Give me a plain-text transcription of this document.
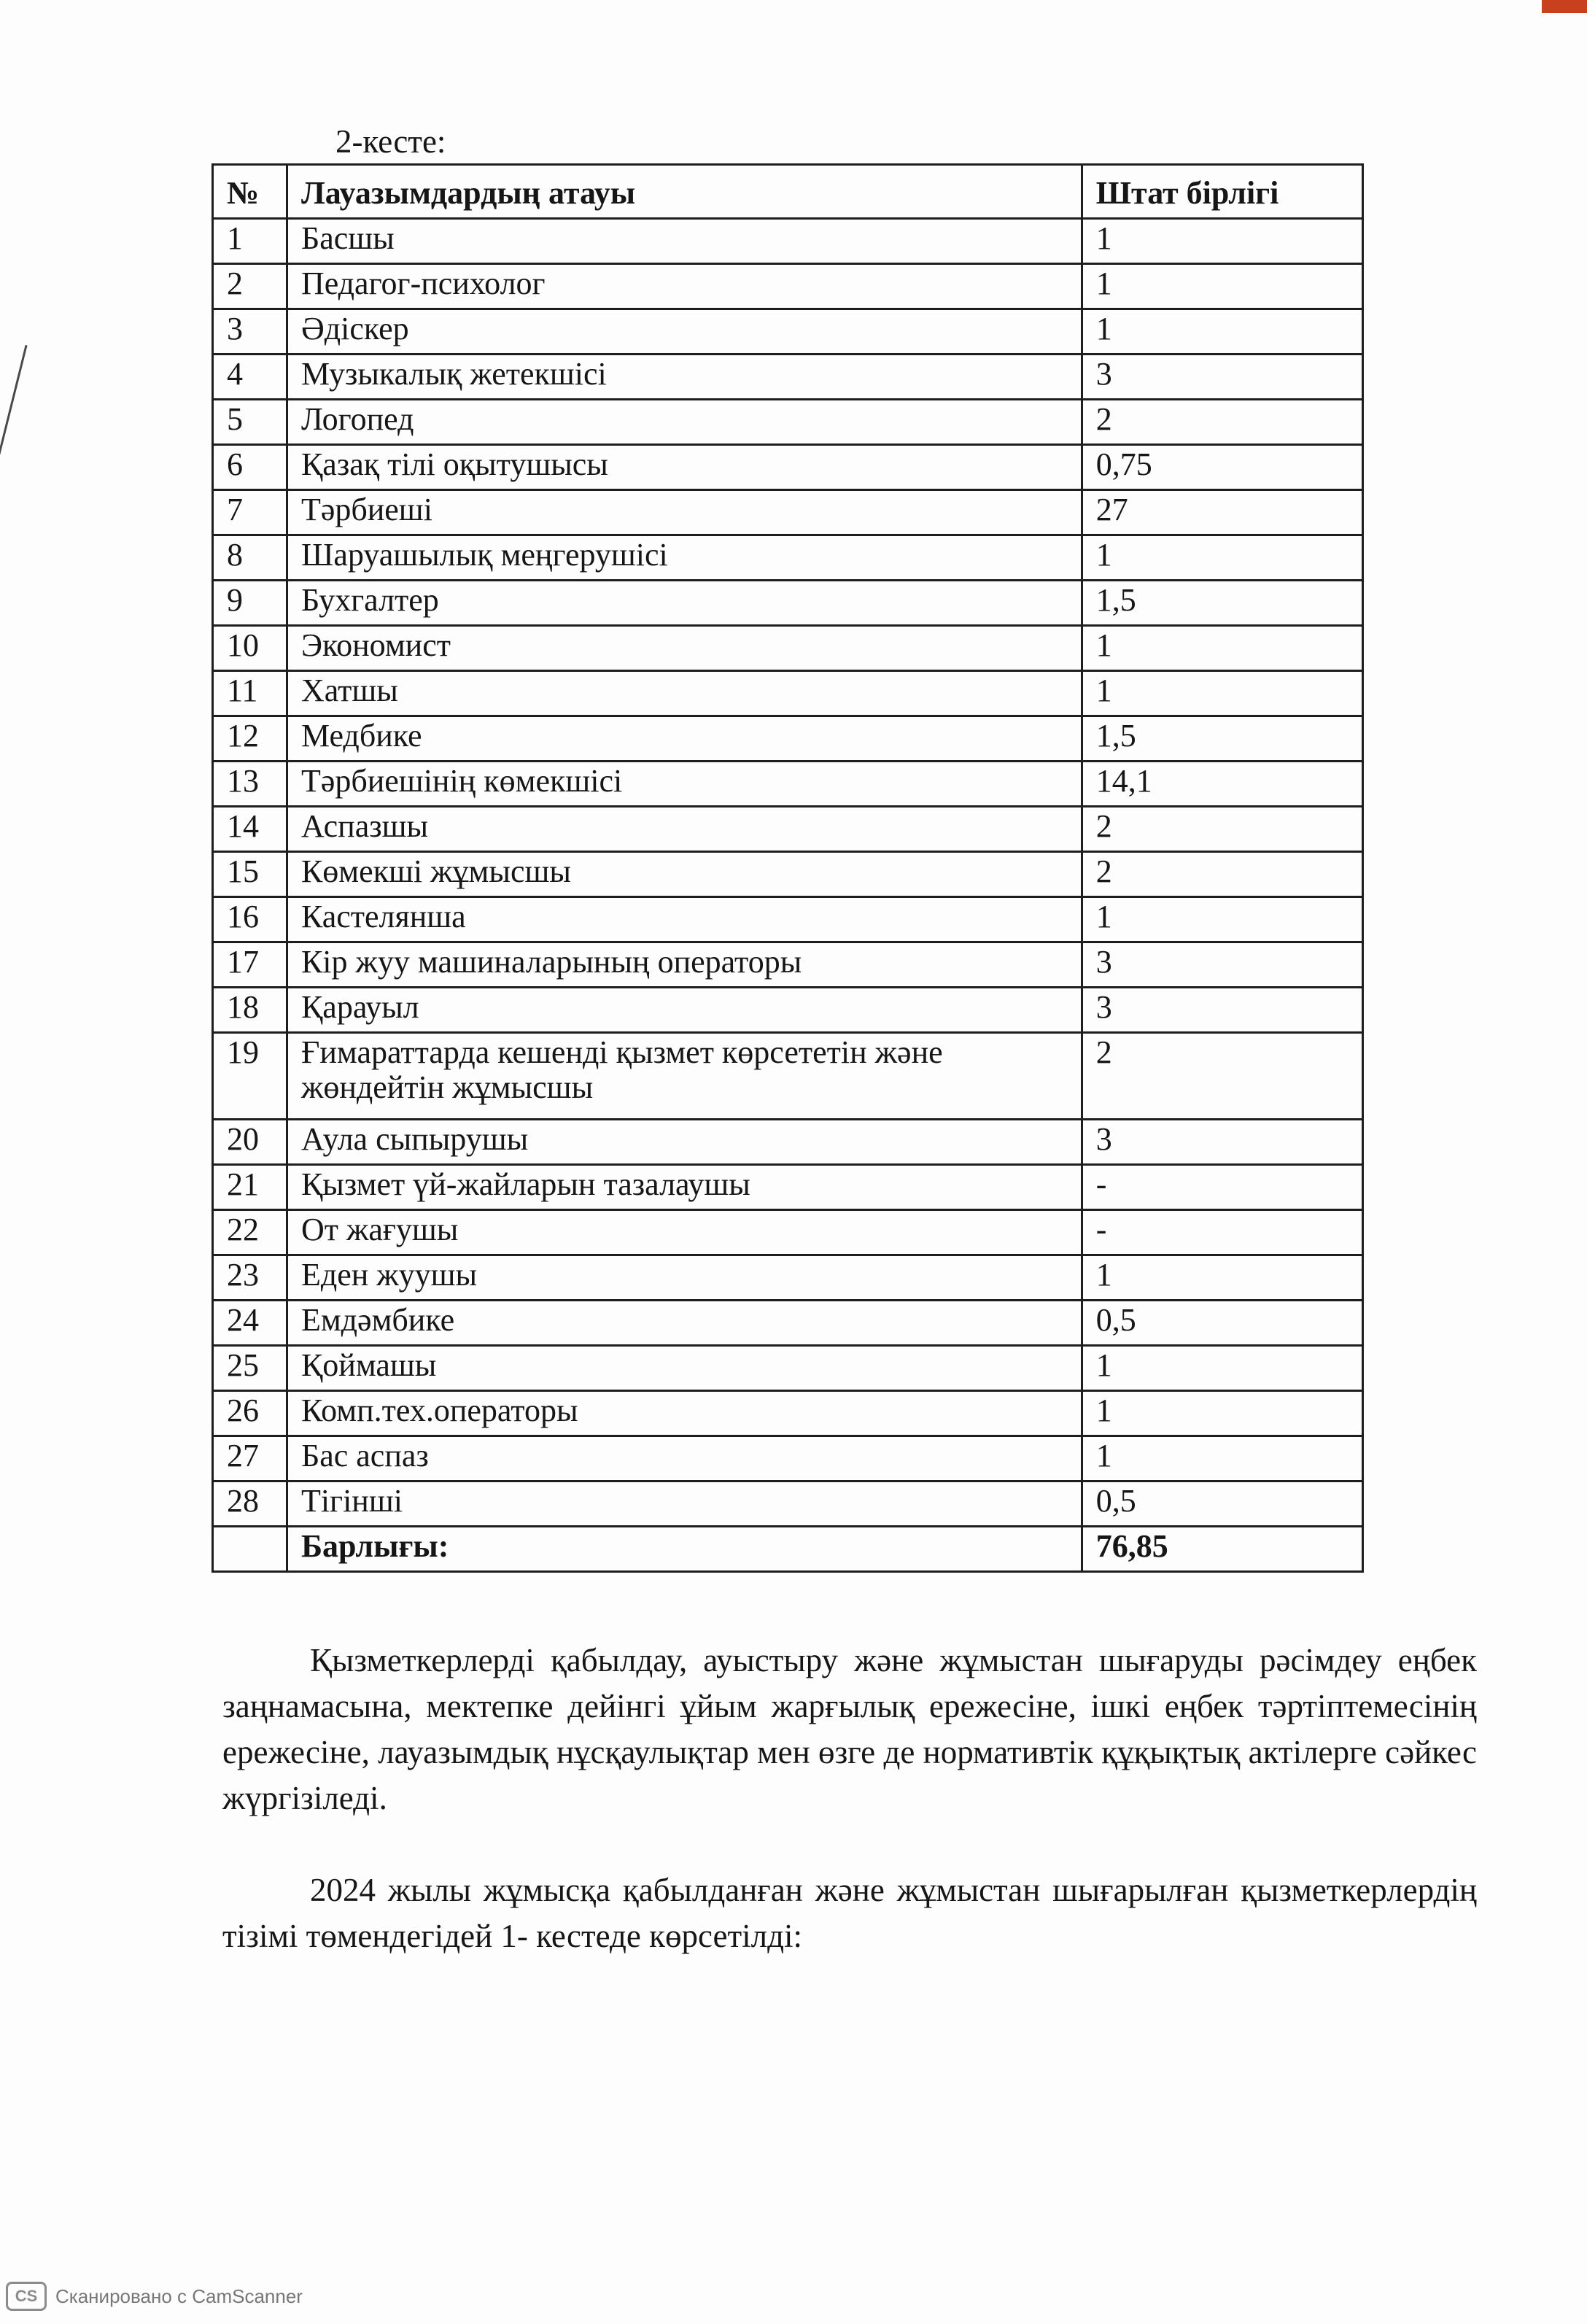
2-кесте:
№	Лауазымдардың атауы	Штат бірлігі
1	Басшы	1
2	Педагог-психолог	1
3	Әдіскер	1
4	Музыкалық жетекшісі	3
5	Логопед	2
6	Қазақ тілі оқытушысы	0,75
7	Тәрбиеші	27
8	Шаруашылық меңгерушісі	1
9	Бухгалтер	1,5
10	Экономист	1
11	Хатшы	1
12	Медбике	1,5
13	Тәрбиешінің көмекшісі	14,1
14	Аспазшы	2
15	Көмекші жұмысшы	2
16	Кастелянша	1
17	Кір жуу машиналарының операторы	3
18	Қарауыл	3
19	Ғимараттарда кешенді қызмет көрсететін және жөндейтін жұмысшы	2
20	Аула сыпырушы	3
21	Қызмет үй-жайларын тазалаушы	-
22	От жағушы	-
23	Еден жуушы	1
24	Емдәмбике	0,5
25	Қоймашы	1
26	Комп.тех.операторы	1
27	Бас аспаз	1
28	Тігінші	0,5
	Барлығы:	76,85

Қызметкерлерді қабылдау, ауыстыру және жұмыстан шығаруды рәсімдеу еңбек заңнамасына, мектепке дейінгі ұйым жарғылық ережесіне, ішкі еңбек тәртіптемесінің ережесіне, лауазымдық нұсқаулықтар мен өзге де нормативтік құқықтық актілерге сәйкес жүргізіледі.

2024 жылы жұмысқа қабылданған және жұмыстан шығарылған қызметкерлердің тізімі төмендегідей 1- кестеде көрсетілді:

CS Сканировано с CamScanner
